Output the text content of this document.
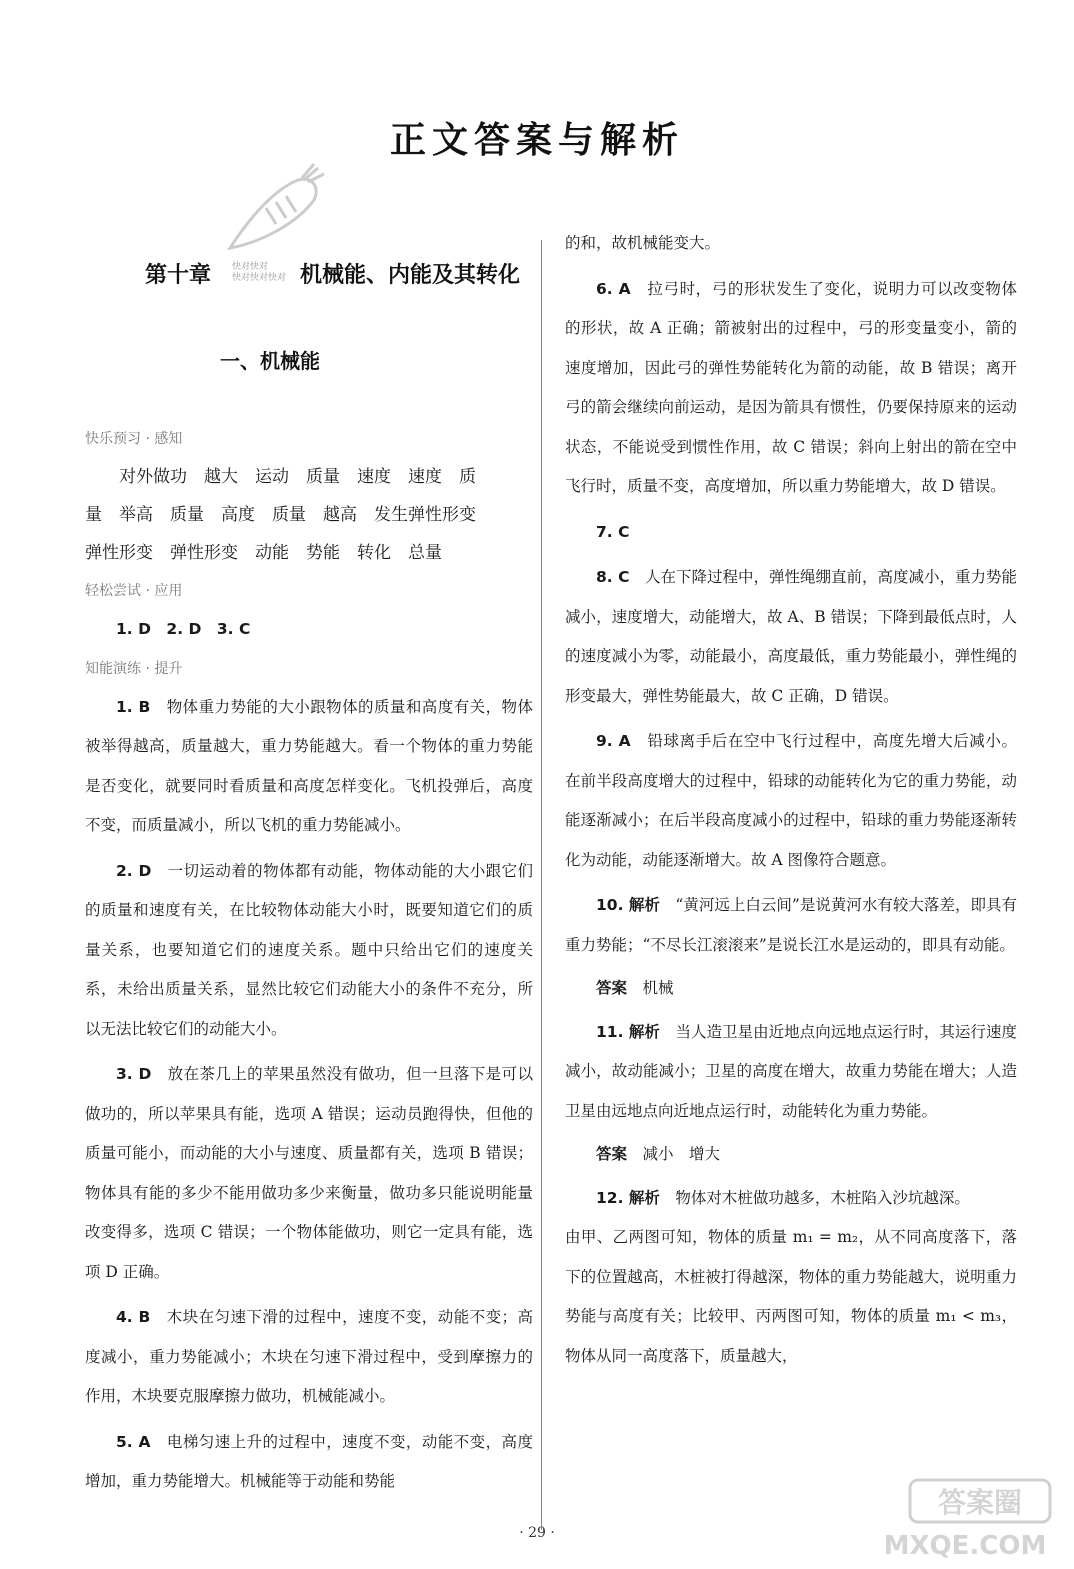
正文答案与解析
第十章 快对快对
快对快对快对 机械能、内能及其转化
一、机械能
快乐预习 · 感知

对外做功　越大　运动　质量　速度　速度　质

量　举高　质量　高度　质量　越高　发生弹性形变

弹性形变　弹性形变　动能　势能　转化　总量

轻松尝试 · 应用

1. D　2. D　3. C

知能演练 · 提升

1. B　 物体重力势能的大小跟物体的质量和高度有关，物体被举得越高，质量越大，重力势能越大。看一个物体的重力势能是否变化，就要同时看质量和高度怎样变化。飞机投弹后，高度不变，而质量减小，所以飞机的重力势能减小。

2. D　 一切运动着的物体都有动能，物体动能的大小跟它们的质量和速度有关，在比较物体动能大小时，既要知道它们的质量关系，也要知道它们的速度关系。题中只给出它们的速度关系，未给出质量关系，显然比较它们动能大小的条件不充分，所以无法比较它们的动能大小。

3. D　 放在茶几上的苹果虽然没有做功，但一旦落下是可以做功的，所以苹果具有能，选项 A 错误；运动员跑得快，但他的质量可能小，而动能的大小与速度、质量都有关，选项 B 错误；物体具有能的多少不能用做功多少来衡量，做功多只能说明能量改变得多，选项 C 错误；一个物体能做功，则它一定具有能，选项 D 正确。

4. B　 木块在匀速下滑的过程中，速度不变，动能不变；高度减小，重力势能减小；木块在匀速下滑过程中，受到摩擦力的作用，木块要克服摩擦力做功，机械能减小。

5. A　 电梯匀速上升的过程中，速度不变，动能不变，高度增加，重力势能增大。机械能等于动能和势能

的和，故机械能变大。

6. A　 拉弓时，弓的形状发生了变化，说明力可以改变物体的形状，故 A 正确；箭被射出的过程中，弓的形变量变小，箭的速度增加，因此弓的弹性势能转化为箭的动能，故 B 错误；离开弓的箭会继续向前运动，是因为箭具有惯性，仍要保持原来的运动状态，不能说受到惯性作用，故 C 错误；斜向上射出的箭在空中飞行时，质量不变，高度增加，所以重力势能增大，故 D 错误。

7. C

8. C　 人在下降过程中，弹性绳绷直前，高度减小，重力势能减小，速度增大，动能增大，故 A、B 错误；下降到最低点时，人的速度减小为零，动能最小，高度最低，重力势能最小，弹性绳的形变最大，弹性势能最大，故 C 正确，D 错误。

9. A　 铅球离手后在空中飞行过程中，高度先增大后减小。在前半段高度增大的过程中，铅球的动能转化为它的重力势能，动能逐渐减小；在后半段高度减小的过程中，铅球的重力势能逐渐转化为动能，动能逐渐增大。故 A 图像符合题意。

10. 解析　 “黄河远上白云间”是说黄河水有较大落差，即具有重力势能；“不尽长江滚滚来”是说长江水是运动的，即具有动能。

答案　 机械

11. 解析　 当人造卫星由近地点向远地点运行时，其运行速度减小，故动能减小；卫星的高度在增大，故重力势能在增大；人造卫星由远地点向近地点运行时，动能转化为重力势能。

答案　 减小　增大

12. 解析　 物体对木桩做功越多，木桩陷入沙坑越深。

由甲、乙两图可知，物体的质量 m₁ = m₂，从不同高度落下，落下的位置越高，木桩被打得越深，物体的重力势能越大，说明重力势能与高度有关；比较甲、丙两图可知，物体的质量 m₁ < m₃，物体从同一高度落下，质量越大，

· 29 ·
答案圈
MXQE.COM
